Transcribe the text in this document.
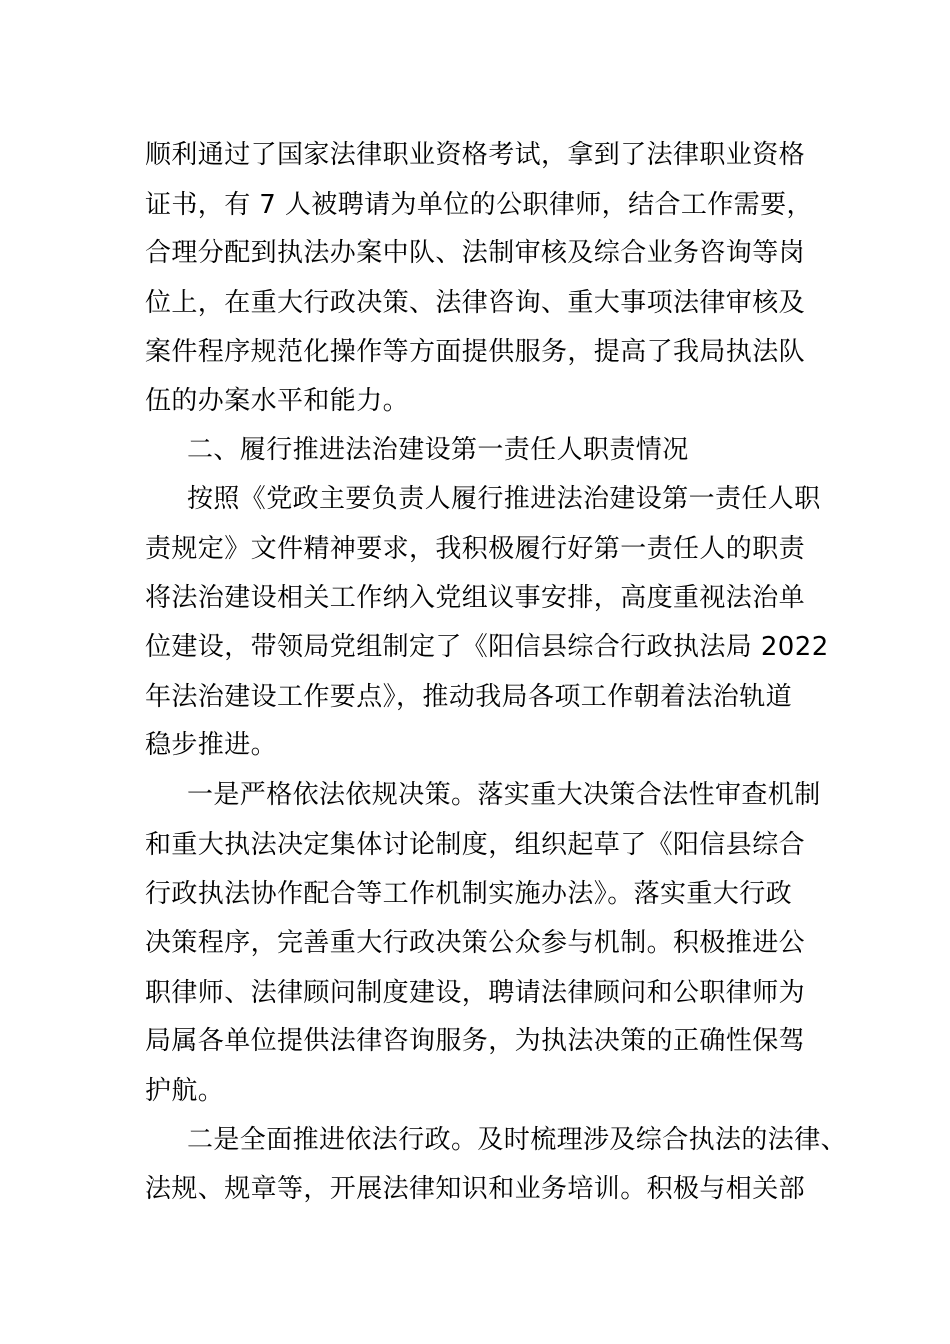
顺利通过了国家法律职业资格考试，拿到了法律职业资格
证书，有 7 人被聘请为单位的公职律师，结合工作需要，
合理分配到执法办案中队、法制审核及综合业务咨询等岗
位上，在重大行政决策、法律咨询、重大事项法律审核及
案件程序规范化操作等方面提供服务，提高了我局执法队
伍的办案水平和能力。
二、履行推进法治建设第一责任人职责情况
按照《党政主要负责人履行推进法治建设第一责任人职
责规定》文件精神要求，我积极履行好第一责任人的职责
将法治建设相关工作纳入党组议事安排，高度重视法治单
位建设，带领局党组制定了《阳信县综合行政执法局 2022
年法治建设工作要点》，推动我局各项工作朝着法治轨道
稳步推进。
一是严格依法依规决策。落实重大决策合法性审查机制
和重大执法决定集体讨论制度，组织起草了《阳信县综合
行政执法协作配合等工作机制实施办法》。落实重大行政
决策程序，完善重大行政决策公众参与机制。积极推进公
职律师、法律顾问制度建设，聘请法律顾问和公职律师为
局属各单位提供法律咨询服务，为执法决策的正确性保驾
护航。
二是全面推进依法行政。及时梳理涉及综合执法的法律、
法规、规章等，开展法律知识和业务培训。积极与相关部
